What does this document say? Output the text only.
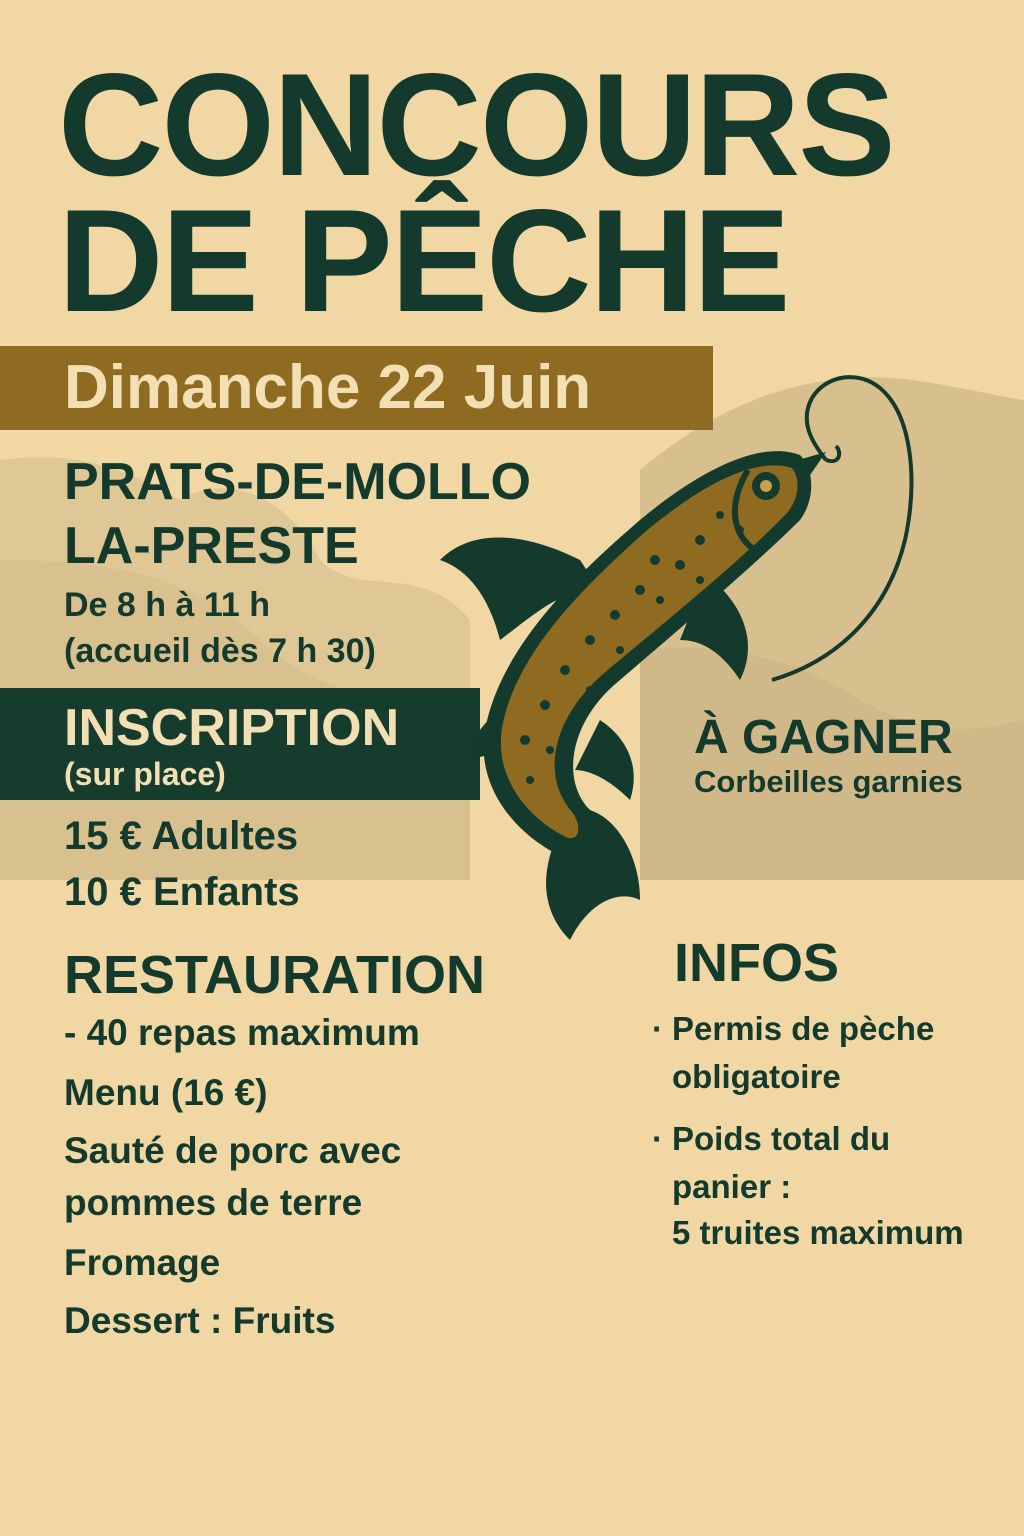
CONCOURS
DE PÊCHE
Dimanche 22 Juin
PRATS-DE-MOLLO
LA-PRESTE
De 8 h à 11 h
(accueil dès 7 h 30)
INSCRIPTION
(sur place)
15 € Adultes
10 € Enfants
RESTAURATION
- 40 repas maximum
Menu (16 €)
Sauté de porc avec
pommes de terre
Fromage
Dessert : Fruits
À GAGNER
Corbeilles garnies
INFOS
· Permis de pèche
obligatoire
· Poids total du
panier :
5 truites maximum
